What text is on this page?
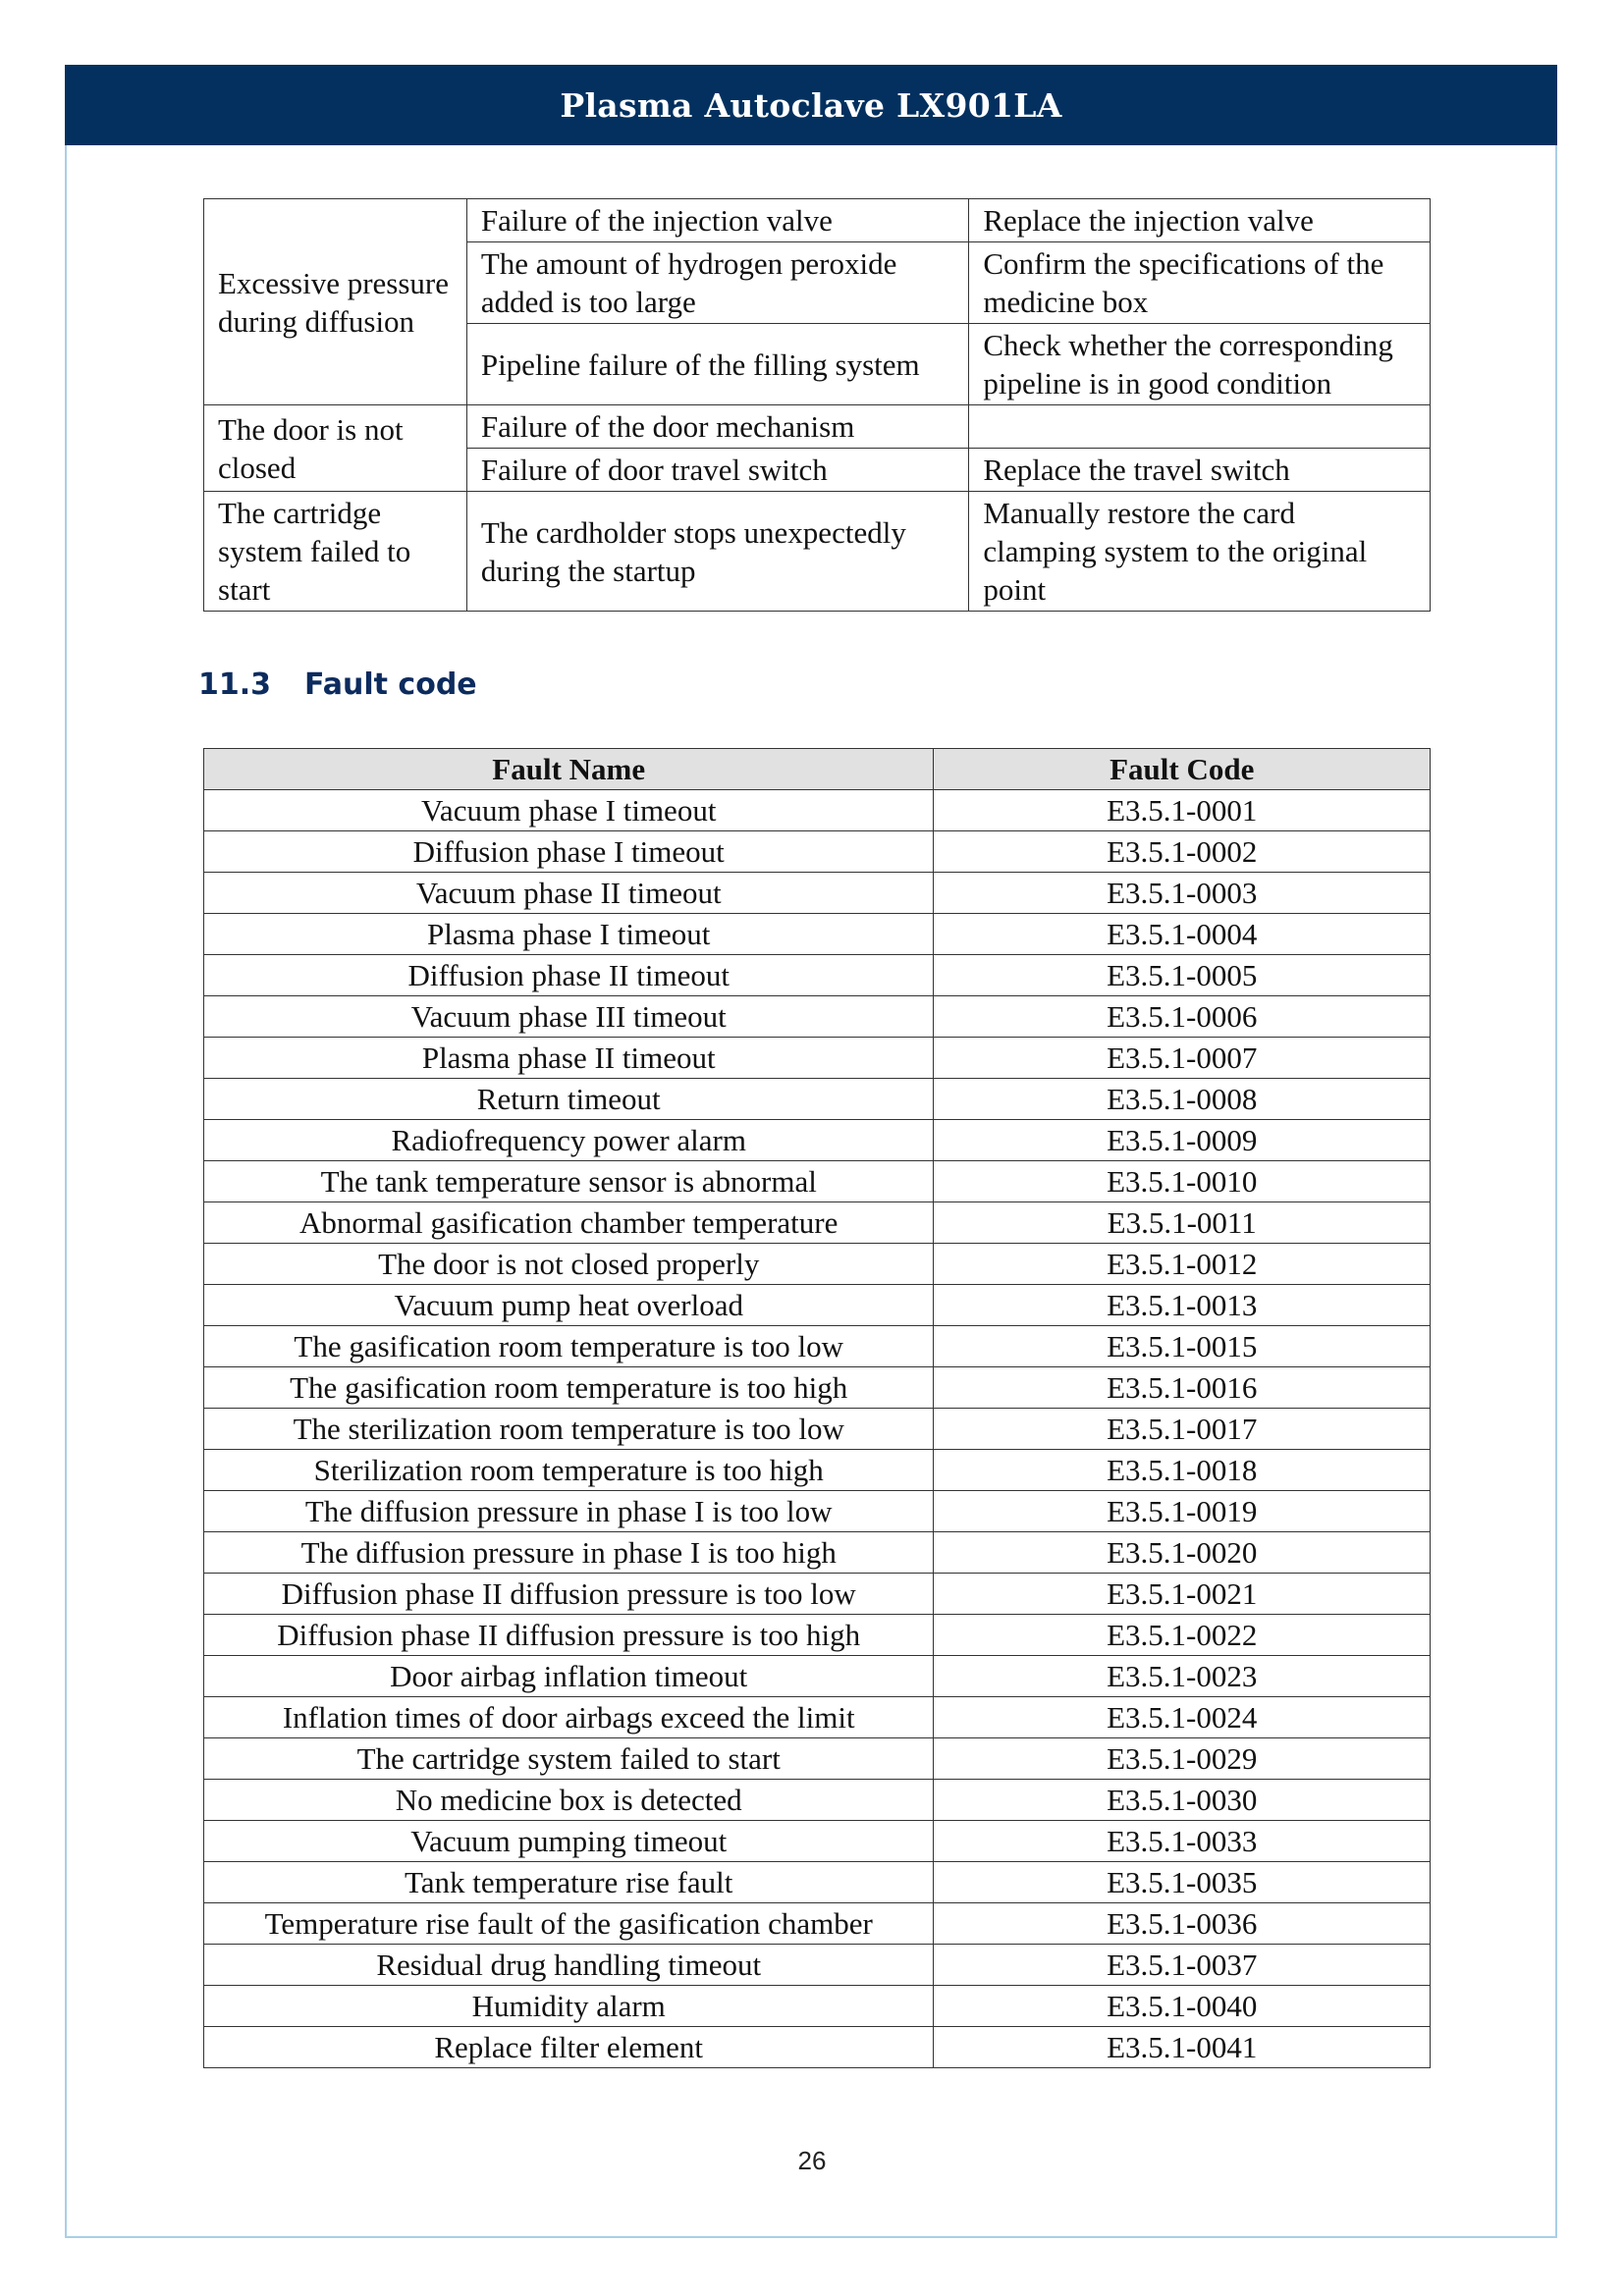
Plasma Autoclave LX901LA
Excessive pressure during diffusion	Failure of the injection valve	Replace the injection valve
	The amount of hydrogen peroxide added is too large	Confirm the specifications of the medicine box
	Pipeline failure of the filling system	Check whether the corresponding pipeline is in good condition
The door is not closed	Failure of the door mechanism	
	Failure of door travel switch	Replace the travel switch
The cartridge system failed to start	The cardholder stops unexpectedly during the startup	Manually restore the card clamping system to the original point
11.3 Fault code
Fault Name	Fault Code
Vacuum phase I timeout	E3.5.1-0001
Diffusion phase I timeout	E3.5.1-0002
Vacuum phase II timeout	E3.5.1-0003
Plasma phase I timeout	E3.5.1-0004
Diffusion phase II timeout	E3.5.1-0005
Vacuum phase III timeout	E3.5.1-0006
Plasma phase II timeout	E3.5.1-0007
Return timeout	E3.5.1-0008
Radiofrequency power alarm	E3.5.1-0009
The tank temperature sensor is abnormal	E3.5.1-0010
Abnormal gasification chamber temperature	E3.5.1-0011
The door is not closed properly	E3.5.1-0012
Vacuum pump heat overload	E3.5.1-0013
The gasification room temperature is too low	E3.5.1-0015
The gasification room temperature is too high	E3.5.1-0016
The sterilization room temperature is too low	E3.5.1-0017
Sterilization room temperature is too high	E3.5.1-0018
The diffusion pressure in phase I is too low	E3.5.1-0019
The diffusion pressure in phase I is too high	E3.5.1-0020
Diffusion phase II diffusion pressure is too low	E3.5.1-0021
Diffusion phase II diffusion pressure is too high	E3.5.1-0022
Door airbag inflation timeout	E3.5.1-0023
Inflation times of door airbags exceed the limit	E3.5.1-0024
The cartridge system failed to start	E3.5.1-0029
No medicine box is detected	E3.5.1-0030
Vacuum pumping timeout	E3.5.1-0033
Tank temperature rise fault	E3.5.1-0035
Temperature rise fault of the gasification chamber	E3.5.1-0036
Residual drug handling timeout	E3.5.1-0037
Humidity alarm	E3.5.1-0040
Replace filter element	E3.5.1-0041
26
